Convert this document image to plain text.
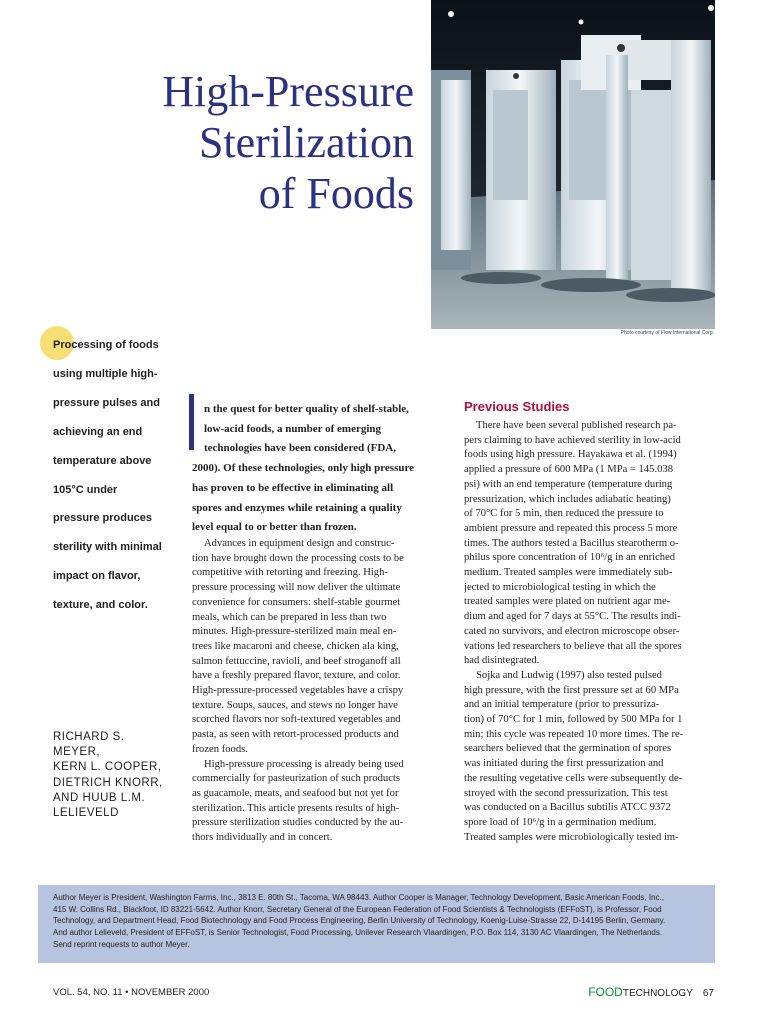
High-Pressure
Sterilization
of Foods
Photo courtesy of Flow International Corp.
Processing of foods
using multiple high-
pressure pulses and
achieving an end
temperature above
105°C under
pressure produces
sterility with minimal
impact on flavor,
texture, and color.
RICHARD S.
MEYER,
KERN L. COOPER,
DIETRICH KNORR,
AND HUUB L.M.
LELIEVELD
n the quest for better quality of shelf-stable,
low-acid foods, a number of emerging
technologies have been considered (FDA,
2000). Of these technologies, only high pressure
has proven to be effective in eliminating all
spores and enzymes while retaining a quality
level equal to or better than frozen.
Advances in equipment design and construc-
tion have brought down the processing costs to be
competitive with retorting and freezing. High-
pressure processing will now deliver the ultimate
convenience for consumers: shelf-stable gourmet
meals, which can be prepared in less than two
minutes. High-pressure-sterilized main meal en-
trees like macaroni and cheese, chicken ala king,
salmon fettuccine, ravioli, and beef stroganoff all
have a freshly prepared flavor, texture, and color.
High-pressure-processed vegetables have a crispy
texture. Soups, sauces, and stews no longer have
scorched flavors nor soft-textured vegetables and
pasta, as seen with retort-processed products and
frozen foods.
High-pressure processing is already being used
commercially for pasteurization of such products
as guacamole, meats, and seafood but not yet for
sterilization. This article presents results of high-
pressure sterilization studies conducted by the au-
thors individually and in concert.
Previous Studies
There have been several published research pa-
pers claiming to have achieved sterility in low-acid
foods using high pressure. Hayakawa et al. (1994)
applied a pressure of 600 MPa (1 MPa = 145.038
psi) with an end temperature (temperature during
pressurization, which includes adiabatic heating)
of 70°C for 5 min, then reduced the pressure to
ambient pressure and repeated this process 5 more
times. The authors tested a Bacillus stearotherm o-
philus spore concentration of 10⁶/g in an enriched
medium. Treated samples were immediately sub-
jected to microbiological testing in which the
treated samples were plated on nutrient agar me-
dium and aged for 7 days at 55°C. The results indi-
cated no survivors, and electron microscope obser-
vations led researchers to believe that all the spores
had disintegrated.
Sojka and Ludwig (1997) also tested pulsed
high pressure, with the first pressure set at 60 MPa
and an initial temperature (prior to pressuriza-
tion) of 70°C for 1 min, followed by 500 MPa for 1
min; this cycle was repeated 10 more times. The re-
searchers believed that the germination of spores
was initiated during the first pressurization and
the resulting vegetative cells were subsequently de-
stroyed with the second pressurization. This test
was conducted on a Bacillus subtilis ATCC 9372
spore load of 10⁶/g in a germination medium.
Treated samples were microbiologically tested im-
Author Meyer is President, Washington Farms, Inc., 3813 E. 80th St., Tacoma, WA 98443. Author Cooper is Manager, Technology Development, Basic American Foods, Inc.,
415 W. Collins Rd., Blackfoot, ID 83221-5642. Author Knorr, Secretary General of the European Federation of Food Scientists & Technologists (EFFoST), is Professor, Food
Technology, and Department Head, Food Biotechnology and Food Process Engineering, Berlin University of Technology, Koenig-Luise-Strasse 22, D-14195 Berlin, Germany.
And author Lelieveld, President of EFFoST, is Senior Technologist, Food Processing, Unilever Research Vlaardingen, P.O. Box 114, 3130 AC Vlaardingen, The Netherlands.
Send reprint requests to author Meyer.
VOL. 54, NO. 11 • NOVEMBER 2000	FOODTECHNOLOGY 67
